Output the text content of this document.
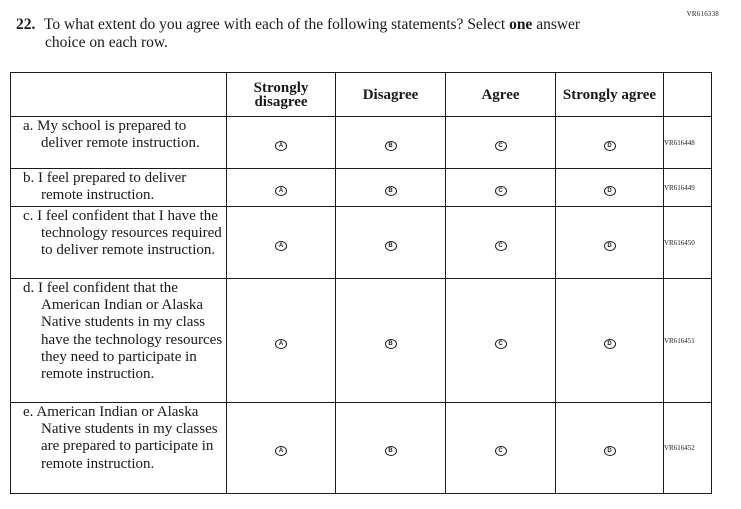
VR616338
22. To what extent do you agree with each of the following statements? Select one answer
choice on each row.
	Strongly
disagree	Disagree	Agree	Strongly agree	

a. My school is prepared to deliver remote instruction.	A	B	C	D	VR616448

b. I feel prepared to deliver remote instruction.	A	B	C	D	VR616449

c. I feel confident that I have the technology resources required to deliver remote instruction.	A	B	C	D	VR616450

d. I feel confident that the American Indian or Alaska Native students in my class have the technology resources they need to participate in remote instruction.	A	B	C	D	VR616451

e. American Indian or Alaska Native students in my classes are prepared to participate in remote instruction.	A	B	C	D	VR616452
